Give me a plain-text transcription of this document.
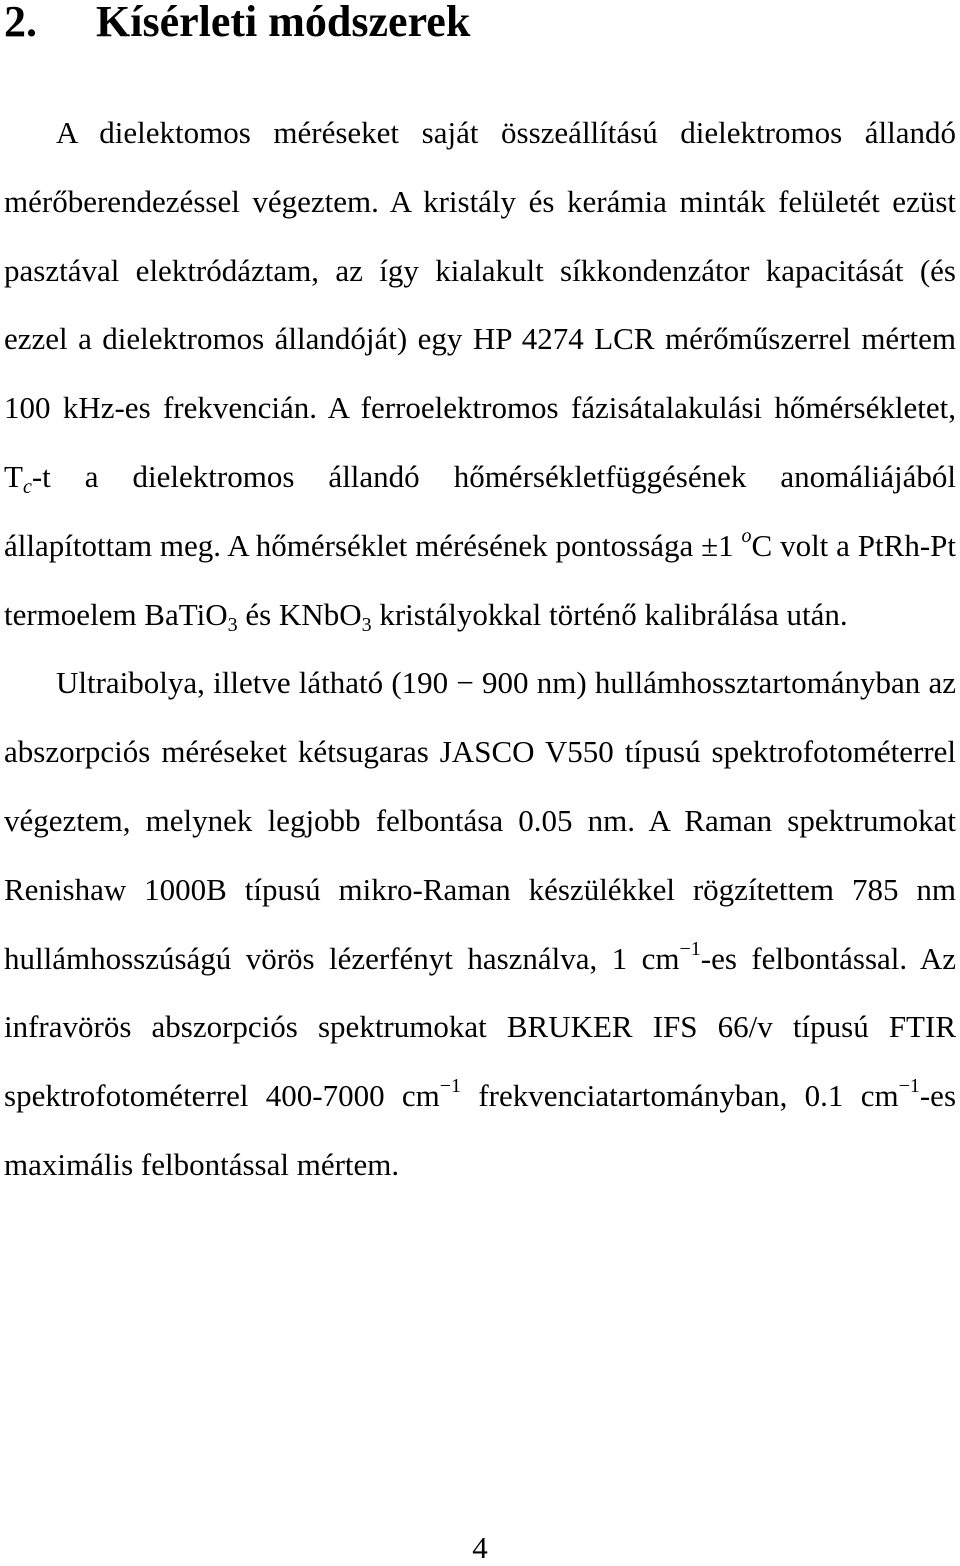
2. Kísérleti módszerek

A dielektomos méréseket saját összeállítású dielektromos állandó mérőberendezéssel végeztem. A kristály és kerámia minták felületét ezüst pasztával elektródáztam, az így kialakult síkkondenzátor kapacitását (és ezzel a dielektromos állandóját) egy HP 4274 LCR mérőműszerrel mértem 100 kHz-es frekvencián. A ferroelektromos fázisátalakulási hőmérsékletet, Tc-t a dielektromos állandó hőmérsékletfüggésének anomáliájából állapítottam meg. A hőmérséklet mérésének pontossága ±1 $^o$C volt a PtRh-Pt termoelem BaTiO3 és KNbO3 kristályokkal történő kalibrálása után.

Ultraibolya, illetve látható (190 − 900 nm) hullámhossztartományban az abszorpciós méréseket kétsugaras JASCO V550 típusú spektrofotométerrel végeztem, melynek legjobb felbontása 0.05 nm. A Raman spektrumokat Renishaw 1000B típusú mikro-Raman készülékkel rögzítettem 785 nm hullámhosszúságú vörös lézerfényt használva, 1 $cm^{-1}-es$ felbontással. Az infravörös abszorpciós spektrumokat BRUKER IFS 66/v típusú FTIR spektrofotométerrel 400-7000 $cm^{-1}$ frekvenciatartományban, 0.1 $cm^{-1}-es$ maximális felbontással mértem.

4
